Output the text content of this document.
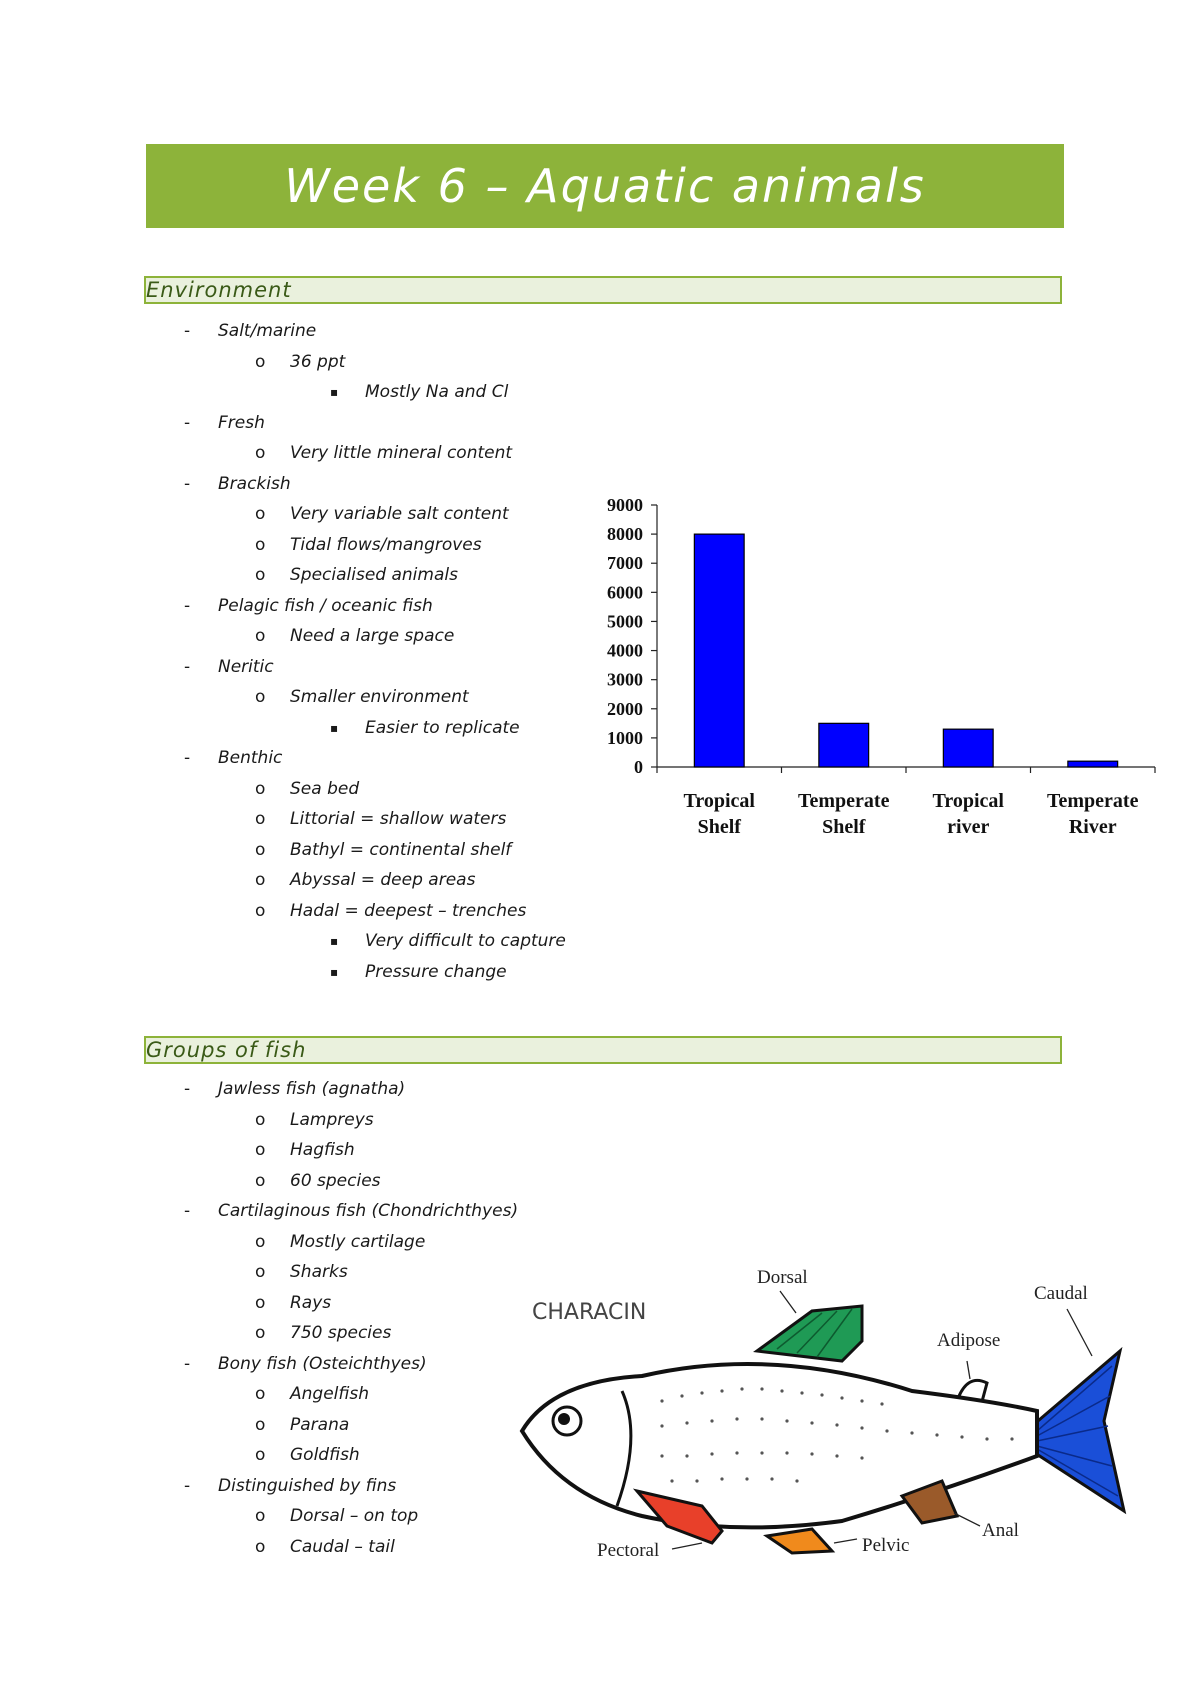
Week 6 – Aquatic animals
Environment
- Salt/marine
o 36 ppt
▪ Mostly Na and Cl
- Fresh
o Very little mineral content
- Brackish
o Very variable salt content
o Tidal flows/mangroves
o Specialised animals
- Pelagic fish / oceanic fish
o Need a large space
- Neritic
o Smaller environment
▪ Easier to replicate
- Benthic
o Sea bed
o Littorial = shallow waters
o Bathyl = continental shelf
o Abyssal = deep areas
o Hadal = deepest – trenches
▪ Very difficult to capture
▪ Pressure change
0
1000
2000
3000
4000
5000
6000
7000
8000
9000
Tropical
Shelf
Temperate
Shelf
Tropical
river
Temperate
River
Groups of fish
- Jawless fish (agnatha)
o Lampreys
o Hagfish
o 60 species
- Cartilaginous fish (Chondrichthyes)
o Mostly cartilage
o Sharks
o Rays
o 750 species
- Bony fish (Osteichthyes)
o Angelfish
o Parana
o Goldfish
- Distinguished by fins
o Dorsal – on top
o Caudal – tail
CHARACIN
Dorsal
Caudal
Adipose
Pectoral	Pelvic
Anal
